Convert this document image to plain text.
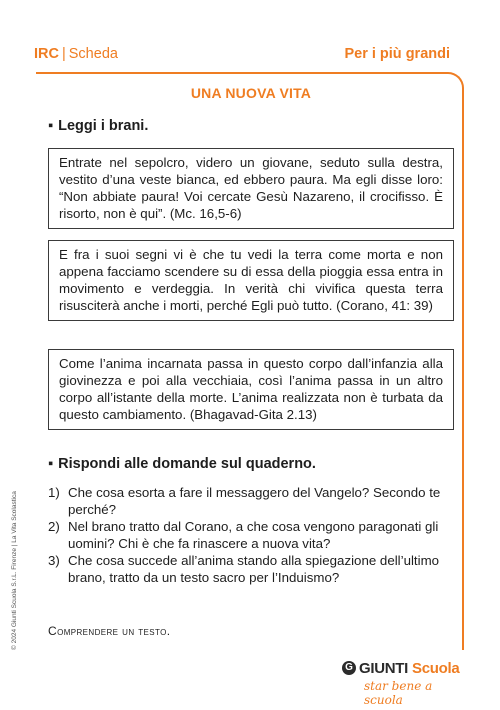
IRC | Scheda	Per i più grandi
UNA NUOVA VITA
▪ Leggi i brani.
Entrate nel sepolcro, videro un giovane, seduto sulla destra, vestito d’una veste bianca, ed ebbero paura. Ma egli disse loro: “Non abbiate paura! Voi cercate Gesù Nazareno, il crocifisso. È risorto, non è qui”. (Mc. 16,5-6)
E fra i suoi segni vi è che tu vedi la terra come morta e non appena facciamo scendere su di essa della pioggia essa entra in movimento e verdeggia. In verità chi vivifica questa terra risusciterà anche i morti, perché Egli può tutto. (Corano, 41: 39)
Come l’anima incarnata passa in questo corpo dall’infanzia alla giovinezza e poi alla vecchiaia, così l’anima passa in un altro corpo all’istante della morte. L’anima realizzata non è turbata da questo cambiamento. (Bhagavad-Gita 2.13)
▪ Rispondi alle domande sul quaderno.
1) Che cosa esorta a fare il messaggero del Vangelo? Secondo te perché?
2) Nel brano tratto dal Corano, a che cosa vengono paragonati gli uomini? Chi è che fa rinascere a nuova vita?
3) Che cosa succede all’anima stando alla spiegazione dell’ultimo brano, tratto da un testo sacro per l’Induismo?
Comprendere un testo.
© 2024 Giunti Scuola S.r.L. Firenze | La Vita Scolastica
G GIUNTI Scuola
star bene a scuola
